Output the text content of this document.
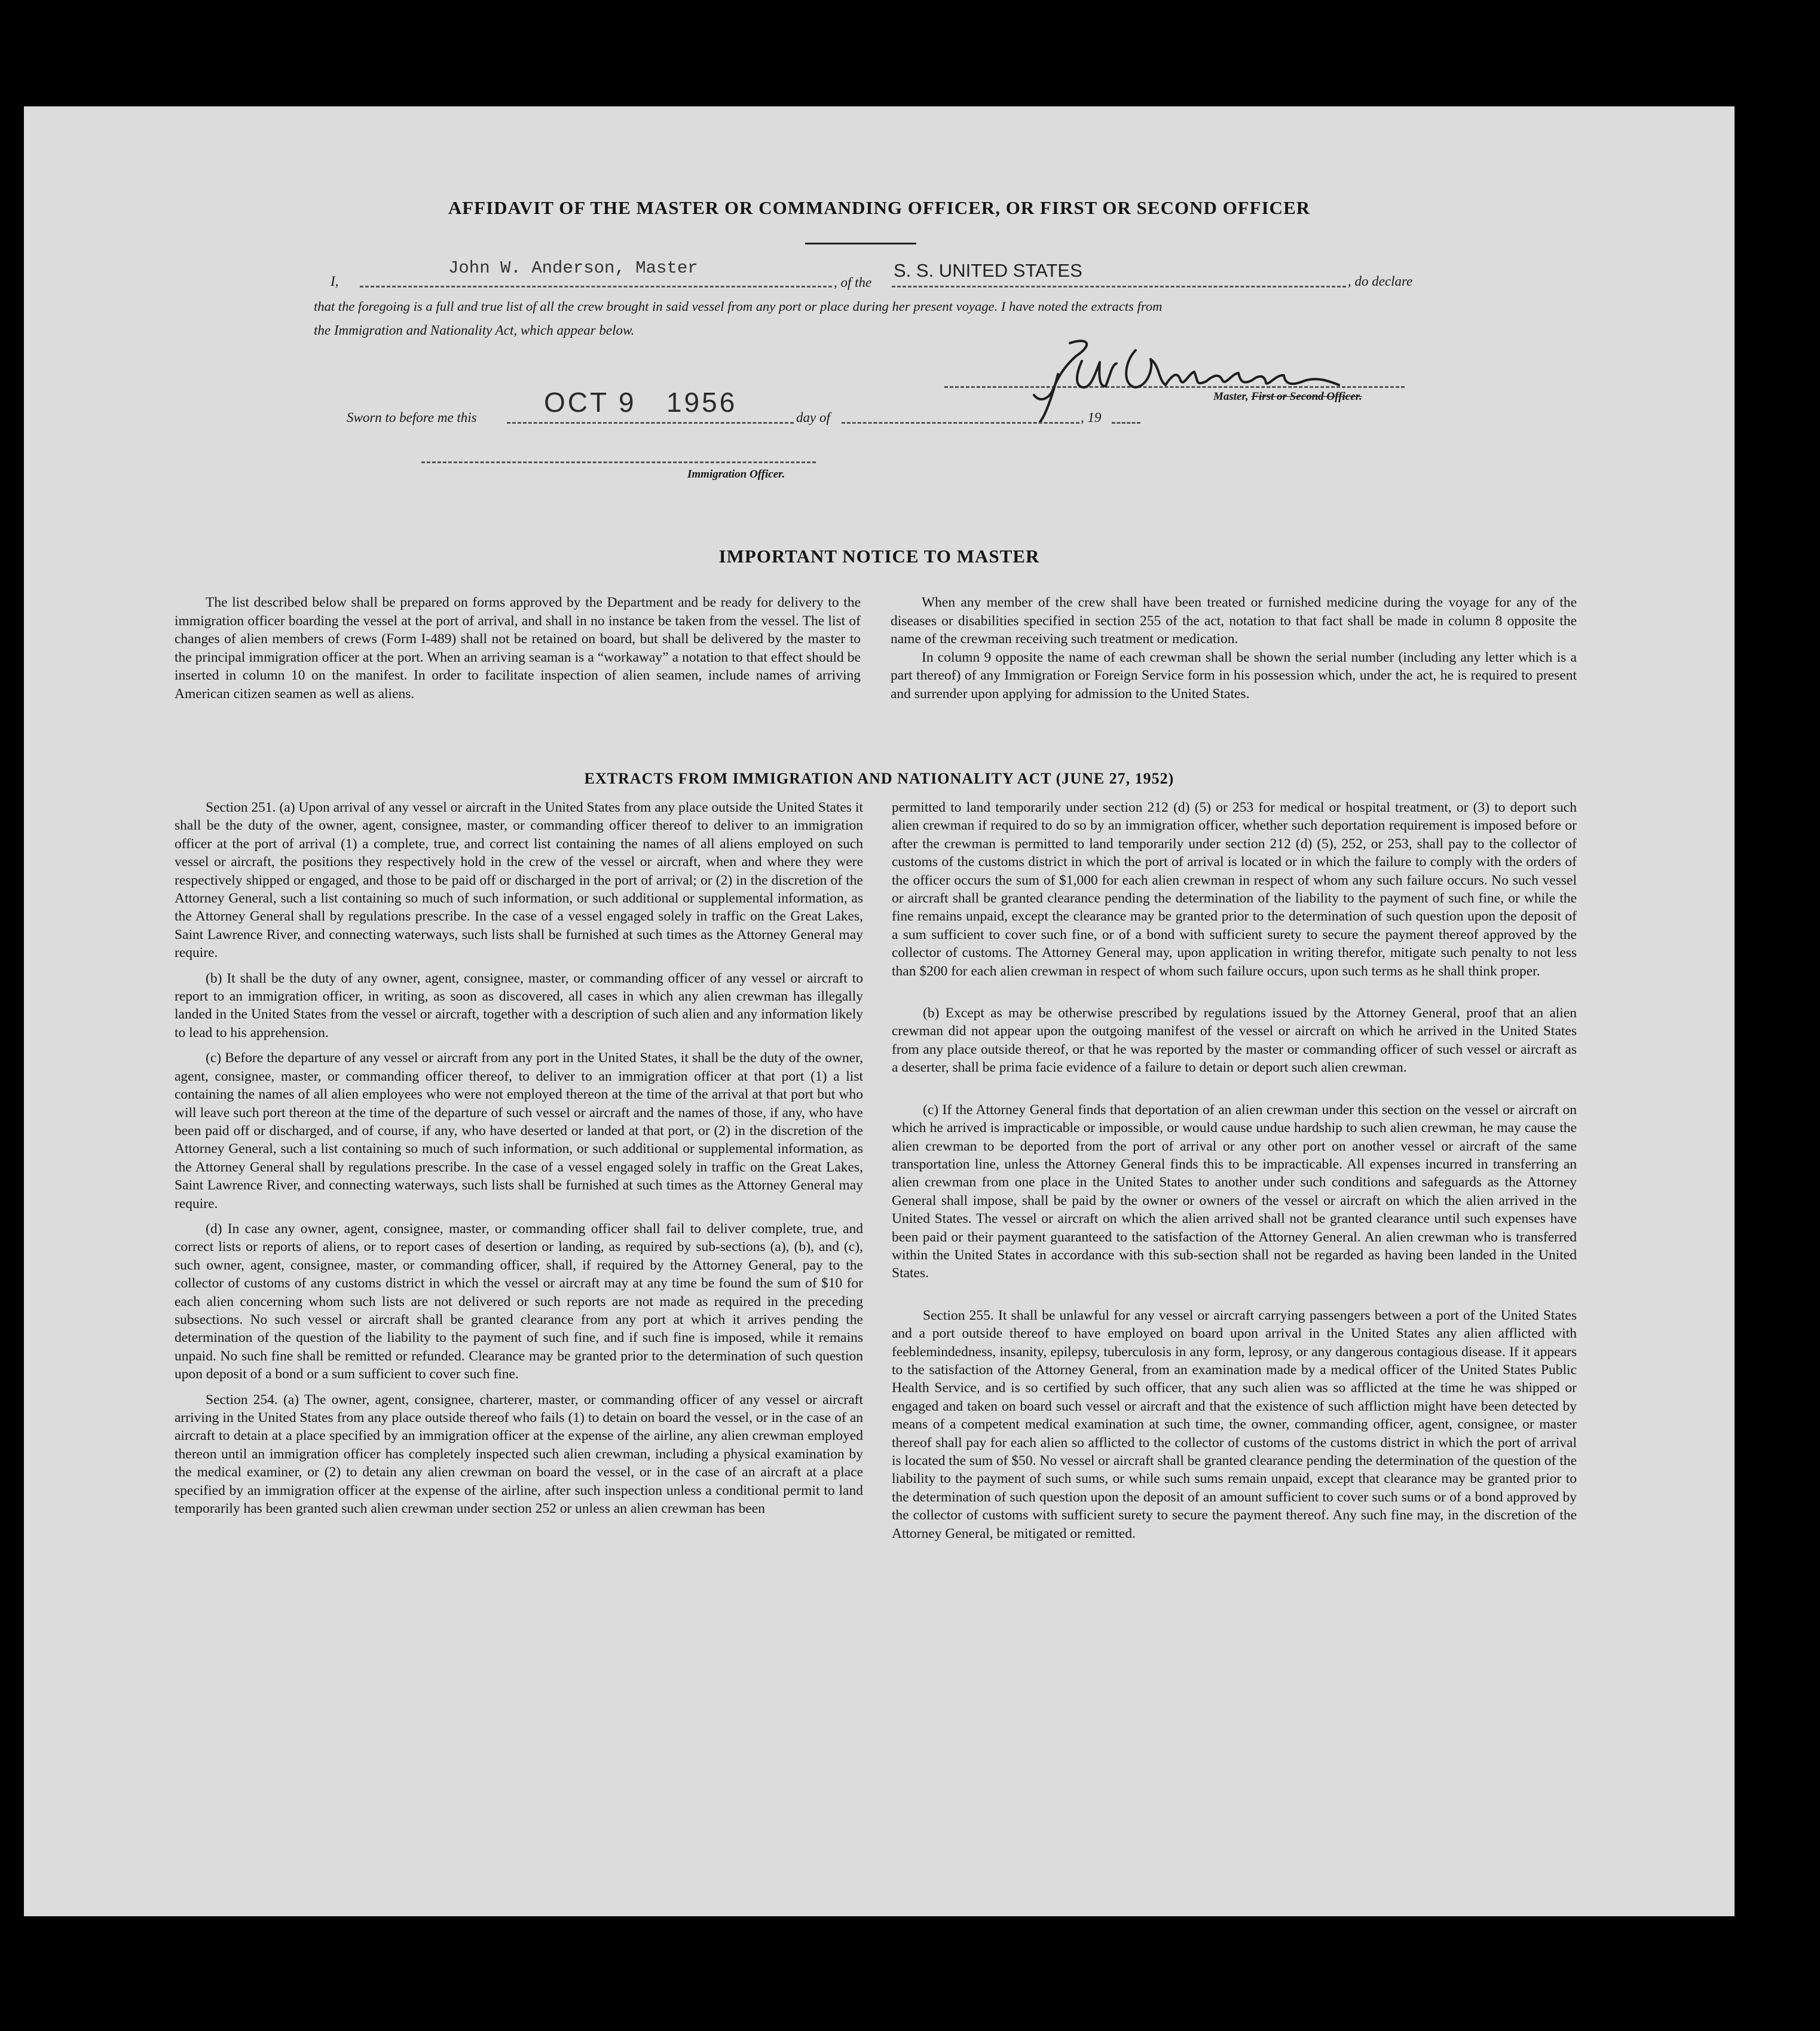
AFFIDAVIT OF THE MASTER OR COMMANDING OFFICER, OR FIRST OR SECOND OFFICER
I,
John W. Anderson, Master
, of the
S. S. UNITED STATES
, do declare
that the foregoing is a full and true list of all the crew brought in said vessel from any port or place during her present voyage. I have noted the extracts from
the Immigration and Nationality Act, which appear below.
Master, First or Second Officer.
Sworn to before me this OCT 9   1956	day of	, 19
Immigration Officer.
IMPORTANT NOTICE TO MASTER

The list described below shall be prepared on forms approved by the Department and be ready for delivery to the immigration officer boarding the vessel at the port of arrival, and shall in no instance be taken from the vessel. The list of changes of alien members of crews (Form I-489) shall not be retained on board, but shall be delivered by the master to the principal immigration officer at the port. When an arriving seaman is a “workaway” a notation to that effect should be inserted in column 10 on the manifest. In order to facilitate inspection of alien seamen, include names of arriving American citizen seamen as well as aliens.

When any member of the crew shall have been treated or furnished medicine during the voyage for any of the diseases or disabilities specified in section 255 of the act, notation to that fact shall be made in column 8 opposite the name of the crewman receiving such treatment or medication.

In column 9 opposite the name of each crewman shall be shown the serial number (including any letter which is a part thereof) of any Immigration or Foreign Service form in his possession which, under the act, he is required to present and surrender upon applying for admission to the United States.

EXTRACTS FROM IMMIGRATION AND NATIONALITY ACT (JUNE 27, 1952)

Section 251. (a) Upon arrival of any vessel or aircraft in the United States from any place outside the United States it shall be the duty of the owner, agent, consignee, master, or commanding officer thereof to deliver to an immigration officer at the port of arrival (1) a complete, true, and correct list containing the names of all aliens employed on such vessel or aircraft, the positions they respectively hold in the crew of the vessel or aircraft, when and where they were respectively shipped or engaged, and those to be paid off or discharged in the port of arrival; or (2) in the discretion of the Attorney General, such a list containing so much of such information, or such additional or supplemental information, as the Attorney General shall by regulations prescribe. In the case of a vessel engaged solely in traffic on the Great Lakes, Saint Lawrence River, and connecting waterways, such lists shall be furnished at such times as the Attorney General may require.

(b) It shall be the duty of any owner, agent, consignee, master, or commanding officer of any vessel or aircraft to report to an immigration officer, in writing, as soon as discovered, all cases in which any alien crewman has illegally landed in the United States from the vessel or aircraft, together with a description of such alien and any information likely to lead to his apprehension.

(c) Before the departure of any vessel or aircraft from any port in the United States, it shall be the duty of the owner, agent, consignee, master, or commanding officer thereof, to deliver to an immigration officer at that port (1) a list containing the names of all alien employees who were not employed thereon at the time of the arrival at that port but who will leave such port thereon at the time of the departure of such vessel or aircraft and the names of those, if any, who have been paid off or discharged, and of course, if any, who have deserted or landed at that port, or (2) in the discretion of the Attorney General, such a list containing so much of such information, or such additional or supplemental information, as the Attorney General shall by regulations prescribe. In the case of a vessel engaged solely in traffic on the Great Lakes, Saint Lawrence River, and connecting waterways, such lists shall be furnished at such times as the Attorney General may require.

(d) In case any owner, agent, consignee, master, or commanding officer shall fail to deliver complete, true, and correct lists or reports of aliens, or to report cases of desertion or landing, as required by sub-sections (a), (b), and (c), such owner, agent, consignee, master, or commanding officer, shall, if required by the Attorney General, pay to the collector of customs of any customs district in which the vessel or aircraft may at any time be found the sum of $10 for each alien concerning whom such lists are not delivered or such reports are not made as required in the preceding subsections. No such vessel or aircraft shall be granted clearance from any port at which it arrives pending the determination of the question of the liability to the payment of such fine, and if such fine is imposed, while it remains unpaid. No such fine shall be remitted or refunded. Clearance may be granted prior to the determination of such question upon deposit of a bond or a sum sufficient to cover such fine.

Section 254. (a) The owner, agent, consignee, charterer, master, or commanding officer of any vessel or aircraft arriving in the United States from any place outside thereof who fails (1) to detain on board the vessel, or in the case of an aircraft to detain at a place specified by an immigration officer at the expense of the airline, any alien crewman employed thereon until an immigration officer has completely inspected such alien crewman, including a physical examination by the medical examiner, or (2) to detain any alien crewman on board the vessel, or in the case of an aircraft at a place specified by an immigration officer at the expense of the airline, after such inspection unless a conditional permit to land temporarily has been granted such alien crewman under section 252 or unless an alien crewman has been

permitted to land temporarily under section 212 (d) (5) or 253 for medical or hospital treatment, or (3) to deport such alien crewman if required to do so by an immigration officer, whether such deportation requirement is imposed before or after the crewman is permitted to land temporarily under section 212 (d) (5), 252, or 253, shall pay to the collector of customs of the customs district in which the port of arrival is located or in which the failure to comply with the orders of the officer occurs the sum of $1,000 for each alien crewman in respect of whom any such failure occurs. No such vessel or aircraft shall be granted clearance pending the determination of the liability to the payment of such fine, or while the fine remains unpaid, except the clearance may be granted prior to the determination of such question upon the deposit of a sum sufficient to cover such fine, or of a bond with sufficient surety to secure the payment thereof approved by the collector of customs. The Attorney General may, upon application in writing therefor, mitigate such penalty to not less than $200 for each alien crewman in respect of whom such failure occurs, upon such terms as he shall think proper.

(b) Except as may be otherwise prescribed by regulations issued by the Attorney General, proof that an alien crewman did not appear upon the outgoing manifest of the vessel or aircraft on which he arrived in the United States from any place outside thereof, or that he was reported by the master or commanding officer of such vessel or aircraft as a deserter, shall be prima facie evidence of a failure to detain or deport such alien crewman.

(c) If the Attorney General finds that deportation of an alien crewman under this section on the vessel or aircraft on which he arrived is impracticable or impossible, or would cause undue hardship to such alien crewman, he may cause the alien crewman to be deported from the port of arrival or any other port on another vessel or aircraft of the same transportation line, unless the Attorney General finds this to be impracticable. All expenses incurred in transferring an alien crewman from one place in the United States to another under such conditions and safeguards as the Attorney General shall impose, shall be paid by the owner or owners of the vessel or aircraft on which the alien arrived in the United States. The vessel or aircraft on which the alien arrived shall not be granted clearance until such expenses have been paid or their payment guaranteed to the satisfaction of the Attorney General. An alien crewman who is transferred within the United States in accordance with this sub-section shall not be regarded as having been landed in the United States.

Section 255. It shall be unlawful for any vessel or aircraft carrying passengers between a port of the United States and a port outside thereof to have employed on board upon arrival in the United States any alien afflicted with feeblemindedness, insanity, epilepsy, tuberculosis in any form, leprosy, or any dangerous contagious disease. If it appears to the satisfaction of the Attorney General, from an examination made by a medical officer of the United States Public Health Service, and is so certified by such officer, that any such alien was so afflicted at the time he was shipped or engaged and taken on board such vessel or aircraft and that the existence of such affliction might have been detected by means of a competent medical examination at such time, the owner, commanding officer, agent, consignee, or master thereof shall pay for each alien so afflicted to the collector of customs of the customs district in which the port of arrival is located the sum of $50. No vessel or aircraft shall be granted clearance pending the determination of the question of the liability to the payment of such sums, or while such sums remain unpaid, except that clearance may be granted prior to the determination of such question upon the deposit of an amount sufficient to cover such sums or of a bond approved by the collector of customs with sufficient surety to secure the payment thereof. Any such fine may, in the discretion of the Attorney General, be mitigated or remitted.
